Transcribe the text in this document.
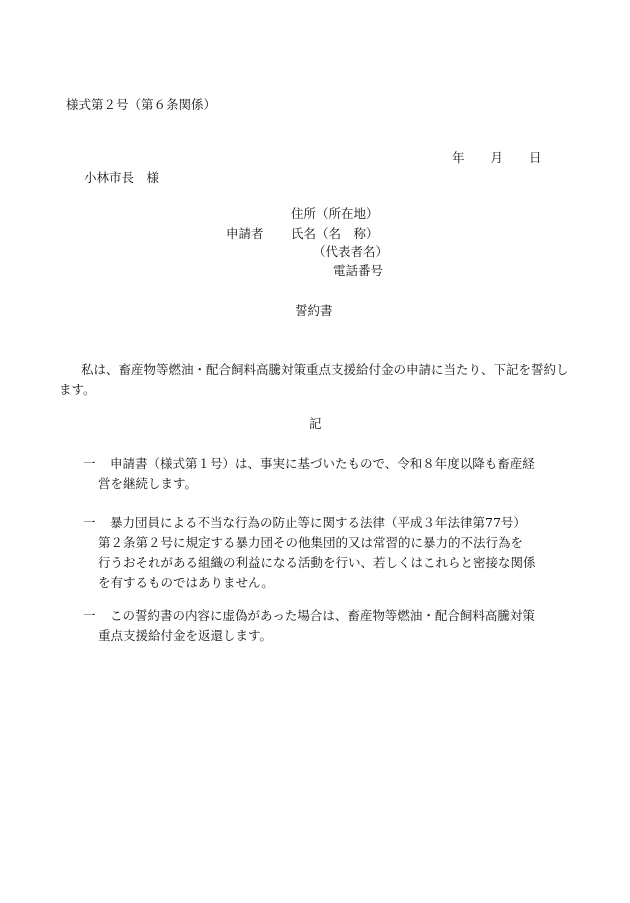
様式第２号（第６条関係）
年 月 日
小林市長　様
住所（所在地）
申請者 氏名（名　称）
（代表者名）
電話番号
誓約書
私は、畜産物等燃油・配合飼料高騰対策重点支援給付金の申請に当たり、下記を誓約します。
記
一 申請書（様式第１号）は、事実に基づいたもので、令和８年度以降も畜産経
営を継続します。
一 暴力団員による不当な行為の防止等に関する法律（平成３年法律第77号）
第２条第２号に規定する暴力団その他集団的又は常習的に暴力的不法行為を
行うおそれがある組織の利益になる活動を行い、若しくはこれらと密接な関係
を有するものではありません。
一 この誓約書の内容に虚偽があった場合は、畜産物等燃油・配合飼料高騰対策
重点支援給付金を返還します。
